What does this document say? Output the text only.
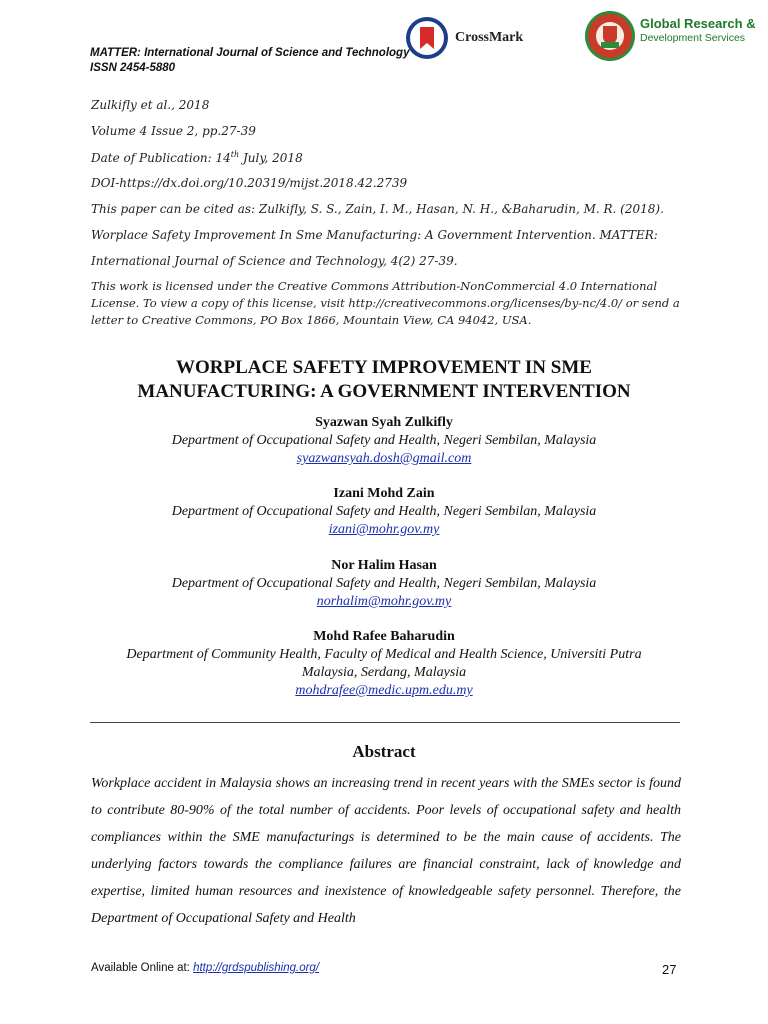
MATTER: International Journal of Science and Technology
ISSN 2454-5880
CrossMark
Global Research &
Development Services
Zulkifly et al., 2018
Volume 4 Issue 2, pp.27-39
Date of Publication: 14th July, 2018
DOI-https://dx.doi.org/10.20319/mijst.2018.42.2739
This paper can be cited as: Zulkifly, S. S., Zain, I. M., Hasan, N. H., &Baharudin, M. R. (2018).
Worplace Safety Improvement In Sme Manufacturing: A Government Intervention. MATTER:
International Journal of Science and Technology, 4(2) 27-39.
This work is licensed under the Creative Commons Attribution-NonCommercial 4.0 International License. To view a copy of this license, visit http://creativecommons.org/licenses/by-nc/4.0/ or send a letter to Creative Commons, PO Box 1866, Mountain View, CA 94042, USA.
WORPLACE SAFETY IMPROVEMENT IN SME
MANUFACTURING: A GOVERNMENT INTERVENTION
Syazwan Syah Zulkifly
Department of Occupational Safety and Health, Negeri Sembilan, Malaysia
syazwansyah.dosh@gmail.com
Izani Mohd Zain
Department of Occupational Safety and Health, Negeri Sembilan, Malaysia
izani@mohr.gov.my
Nor Halim Hasan
Department of Occupational Safety and Health, Negeri Sembilan, Malaysia
norhalim@mohr.gov.my
Mohd Rafee Baharudin
Department of Community Health, Faculty of Medical and Health Science, Universiti Putra
Malaysia, Serdang, Malaysia
mohdrafee@medic.upm.edu.my
Abstract
Workplace accident in Malaysia shows an increasing trend in recent years with the SMEs sector is found to contribute 80-90% of the total number of accidents. Poor levels of occupational safety and health compliances within the SME manufacturings is determined to be the main cause of accidents. The underlying factors towards the compliance failures are financial constraint, lack of knowledge and expertise, limited human resources and inexistence of knowledgeable safety personnel. Therefore, the Department of Occupational Safety and Health
Available Online at: http://grdspublishing.org/	27
